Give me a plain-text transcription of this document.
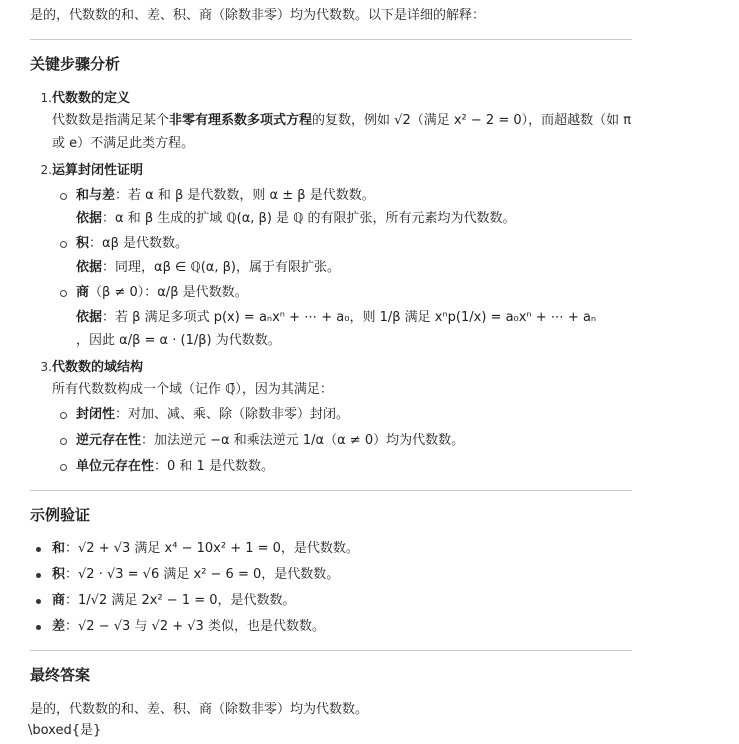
是的，代数数的和、差、积、商（除数非零）均为代数数。以下是详细的解释：
关键步骤分析
1.代数数的定义
代数数是指满足某个非零有理系数多项式方程的复数，例如 √2（满足 x² − 2 = 0），而超越数（如 π
或 e）不满足此类方程。
2.运算封闭性证明
和与差：若 α 和 β 是代数数，则 α ± β 是代数数。
依据：α 和 β 生成的扩域 ℚ(α, β) 是 ℚ 的有限扩张，所有元素均为代数数。
积：αβ 是代数数。
依据：同理，αβ ∈ ℚ(α, β)，属于有限扩张。
商（β ≠ 0）：α/β 是代数数。
依据：若 β 满足多项式 p(x) = aₙxⁿ + ⋯ + a₀，则 1/β 满足 xⁿp(1/x) = a₀xⁿ + ⋯ + aₙ
，因此 α/β = α · (1/β) 为代数数。
3.代数数的域结构
所有代数数构成一个域（记作 ℚ̄），因为其满足：
封闭性：对加、减、乘、除（除数非零）封闭。
逆元存在性：加法逆元 −α 和乘法逆元 1/α（α ≠ 0）均为代数数。
单位元存在性：0 和 1 是代数数。
示例验证
和：√2 + √3 满足 x⁴ − 10x² + 1 = 0，是代数数。
积：√2 · √3 = √6 满足 x² − 6 = 0，是代数数。
商：1/√2 满足 2x² − 1 = 0，是代数数。
差：√2 − √3 与 √2 + √3 类似，也是代数数。
最终答案
是的，代数数的和、差、积、商（除数非零）均为代数数。
\boxed{是}
